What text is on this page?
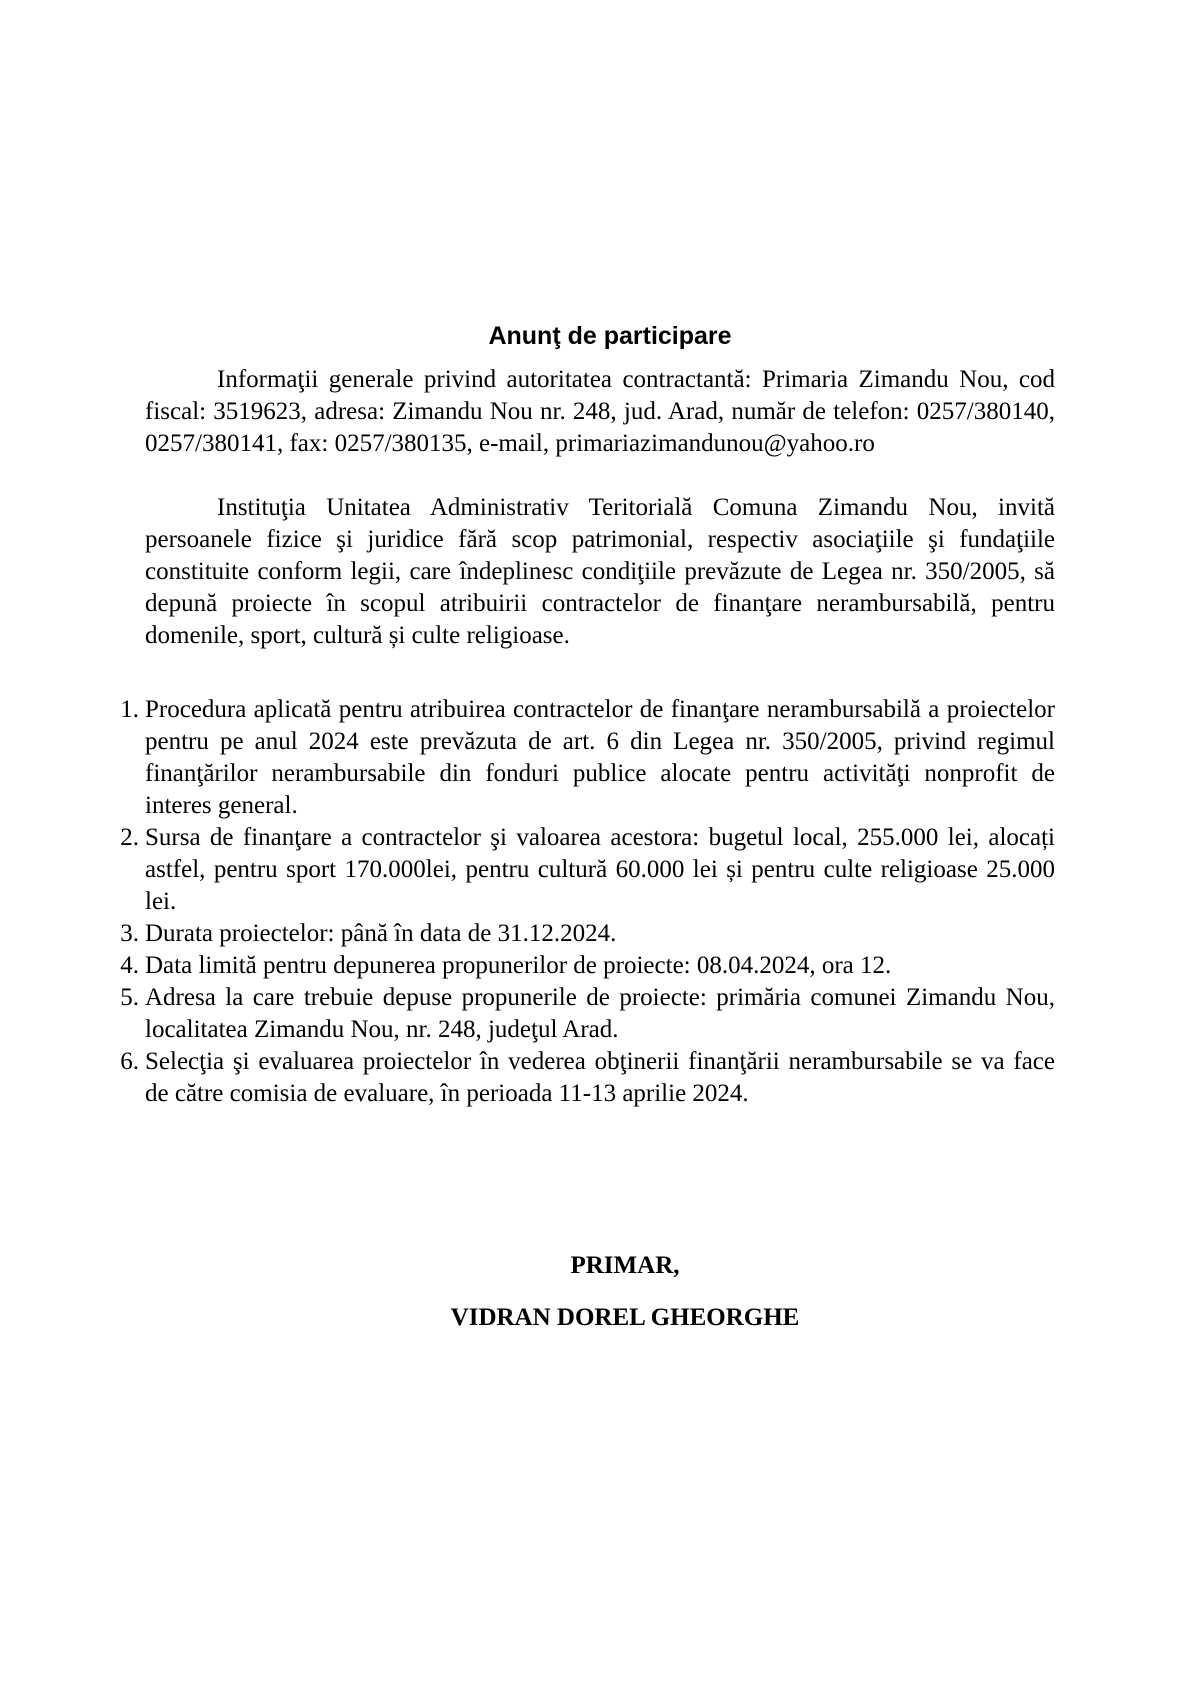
Anunţ de participare

Informaţii generale privind autoritatea contractantă: Primaria Zimandu Nou, cod fiscal: 3519623, adresa: Zimandu Nou nr. 248, jud. Arad, număr de telefon: 0257/380140, 0257/380141, fax: 0257/380135, e-mail, primariazimandunou@yahoo.ro

Instituţia Unitatea Administrativ Teritorială Comuna Zimandu Nou, invită persoanele fizice şi juridice fără scop patrimonial, respectiv asociaţiile şi fundaţiile constituite conform legii, care îndeplinesc condiţiile prevăzute de Legea nr. 350/2005, să depună proiecte în scopul atribuirii contractelor de finanţare nerambursabilă, pentru domenile, sport, cultură și culte religioase.

1. Procedura aplicată pentru atribuirea contractelor de finanţare nerambursabilă a proiectelor pentru pe anul 2024 este prevăzuta de art. 6 din Legea nr. 350/2005, privind regimul finanţărilor nerambursabile din fonduri publice alocate pentru activităţi nonprofit de interes general.
2. Sursa de finanţare a contractelor şi valoarea acestora: bugetul local, 255.000 lei, alocați astfel, pentru sport 170.000lei, pentru cultură 60.000 lei și pentru culte religioase 25.000 lei.
3. Durata proiectelor: până în data de 31.12.2024.
4. Data limită pentru depunerea propunerilor de proiecte: 08.04.2024, ora 12.
5. Adresa la care trebuie depuse propunerile de proiecte: primăria comunei Zimandu Nou, localitatea Zimandu Nou, nr. 248, judeţul Arad.
6. Selecţia şi evaluarea proiectelor în vederea obţinerii finanţării nerambursabile se va face de către comisia de evaluare, în perioada 11-13 aprilie 2024.
PRIMAR,
VIDRAN DOREL GHEORGHE
